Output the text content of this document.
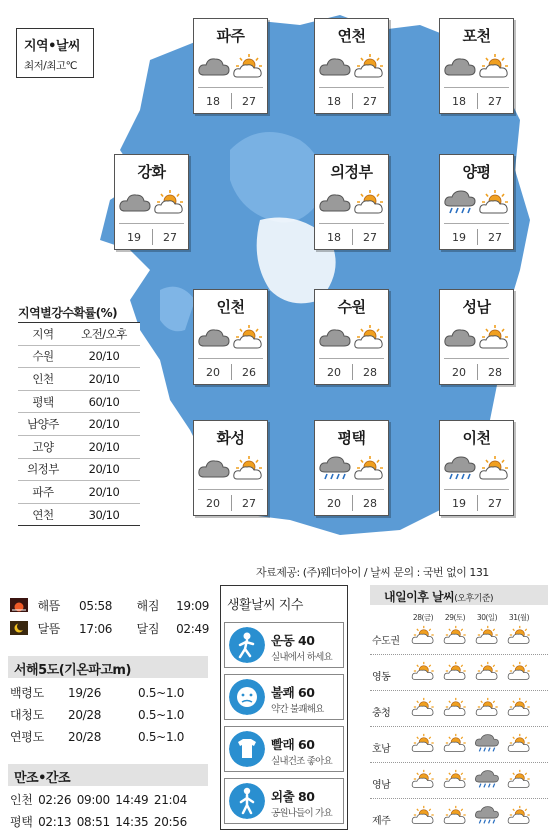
지역•날씨
최저/최고℃
파주
18	27
연천
18	27
포천
18	27
강화
19	27
의정부
18	27
양평
19	27
인천
20	26
수원
20	28
성남
20	28
화성
20	27
평택
20	28
이천
19	27
지역별강수확률(%)
지역	오전/오후
수원	20/10
인천	20/10
평택	60/10
남양주	20/10
고양	20/10
의정부	20/10
파주	20/10
연천	30/10
자료제공: (주)웨더아이 / 날씨 문의 : 국번 없이 131
해뜸 05:58 해짐 19:09
달뜸 17:06 달짐 02:49
서해5도(기온파고m)
백령도 19/26	0.5~1.0
대청도 20/28	0.5~1.0
연평도 20/28	0.5~1.0
만조•간조
인천 02:26 09:00 14:49 21:04
평택 02:13 08:51 14:35 20:56
생활날씨 지수
운동 40
실내에서 하세요
불쾌 60
약간 불쾌해요
빨래 60
실내건조 좋아요
외출 80
공원나들이 가요
내일이후 날씨(오후기준)
28(금)	29(토)	30(일)	31(월)
수도권
영동
충청
호남
영남
제주
